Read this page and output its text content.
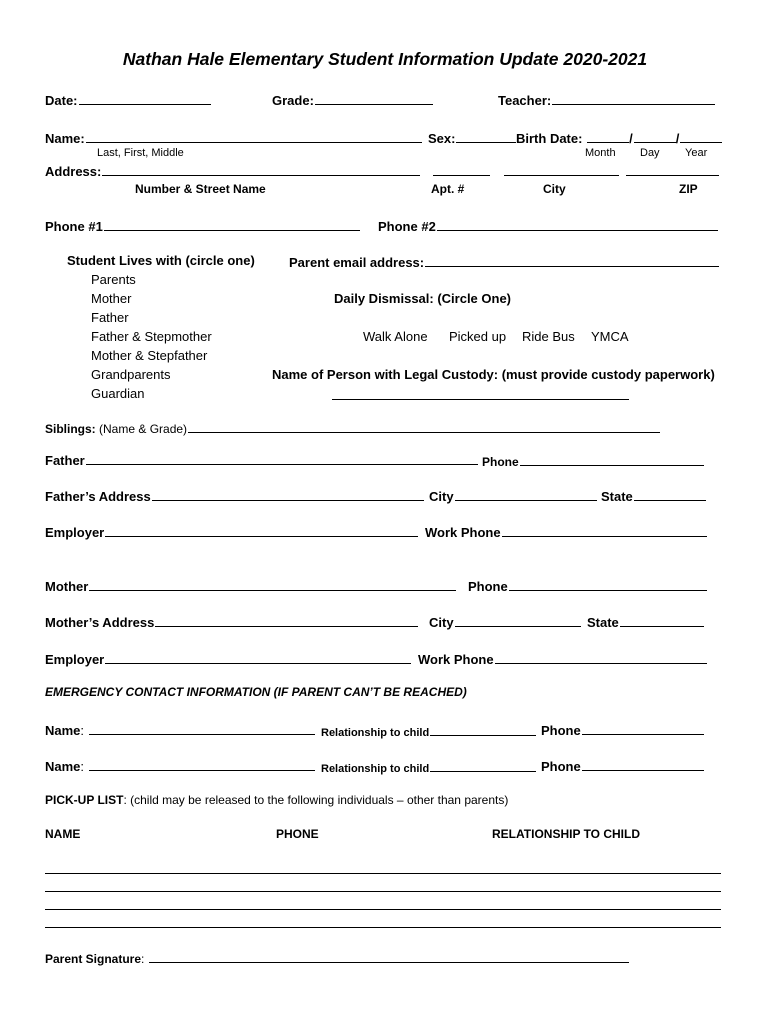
Nathan Hale Elementary Student Information Update 2020-2021
Date:	Grade:	Teacher:
Name:	Sex:	Birth Date:	/	/
Last, First, Middle	Month Day Year
Address:
Number & Street Name	Apt. #	City	ZIP
Phone #1	Phone #2
Student Lives with (circle one)
Parents
Mother
Father
Father & Stepmother
Mother & Stepfather
Grandparents
Guardian
Parent email address:
Daily Dismissal: (Circle One)
Walk Alone Picked up Ride Bus YMCA
Name of Person with Legal Custody: (must provide custody paperwork)
Siblings: (Name & Grade)
Father	Phone
Father’s Address	City	State
Employer	Work Phone
Mother	Phone
Mother’s Address	City	State
Employer	Work Phone
EMERGENCY CONTACT INFORMATION (IF PARENT CAN’T BE REACHED)
Name:	Relationship to child	Phone
Name:	Relationship to child	Phone
PICK-UP LIST: (child may be released to the following individuals – other than parents)
NAME	PHONE	RELATIONSHIP TO CHILD
Parent Signature:
